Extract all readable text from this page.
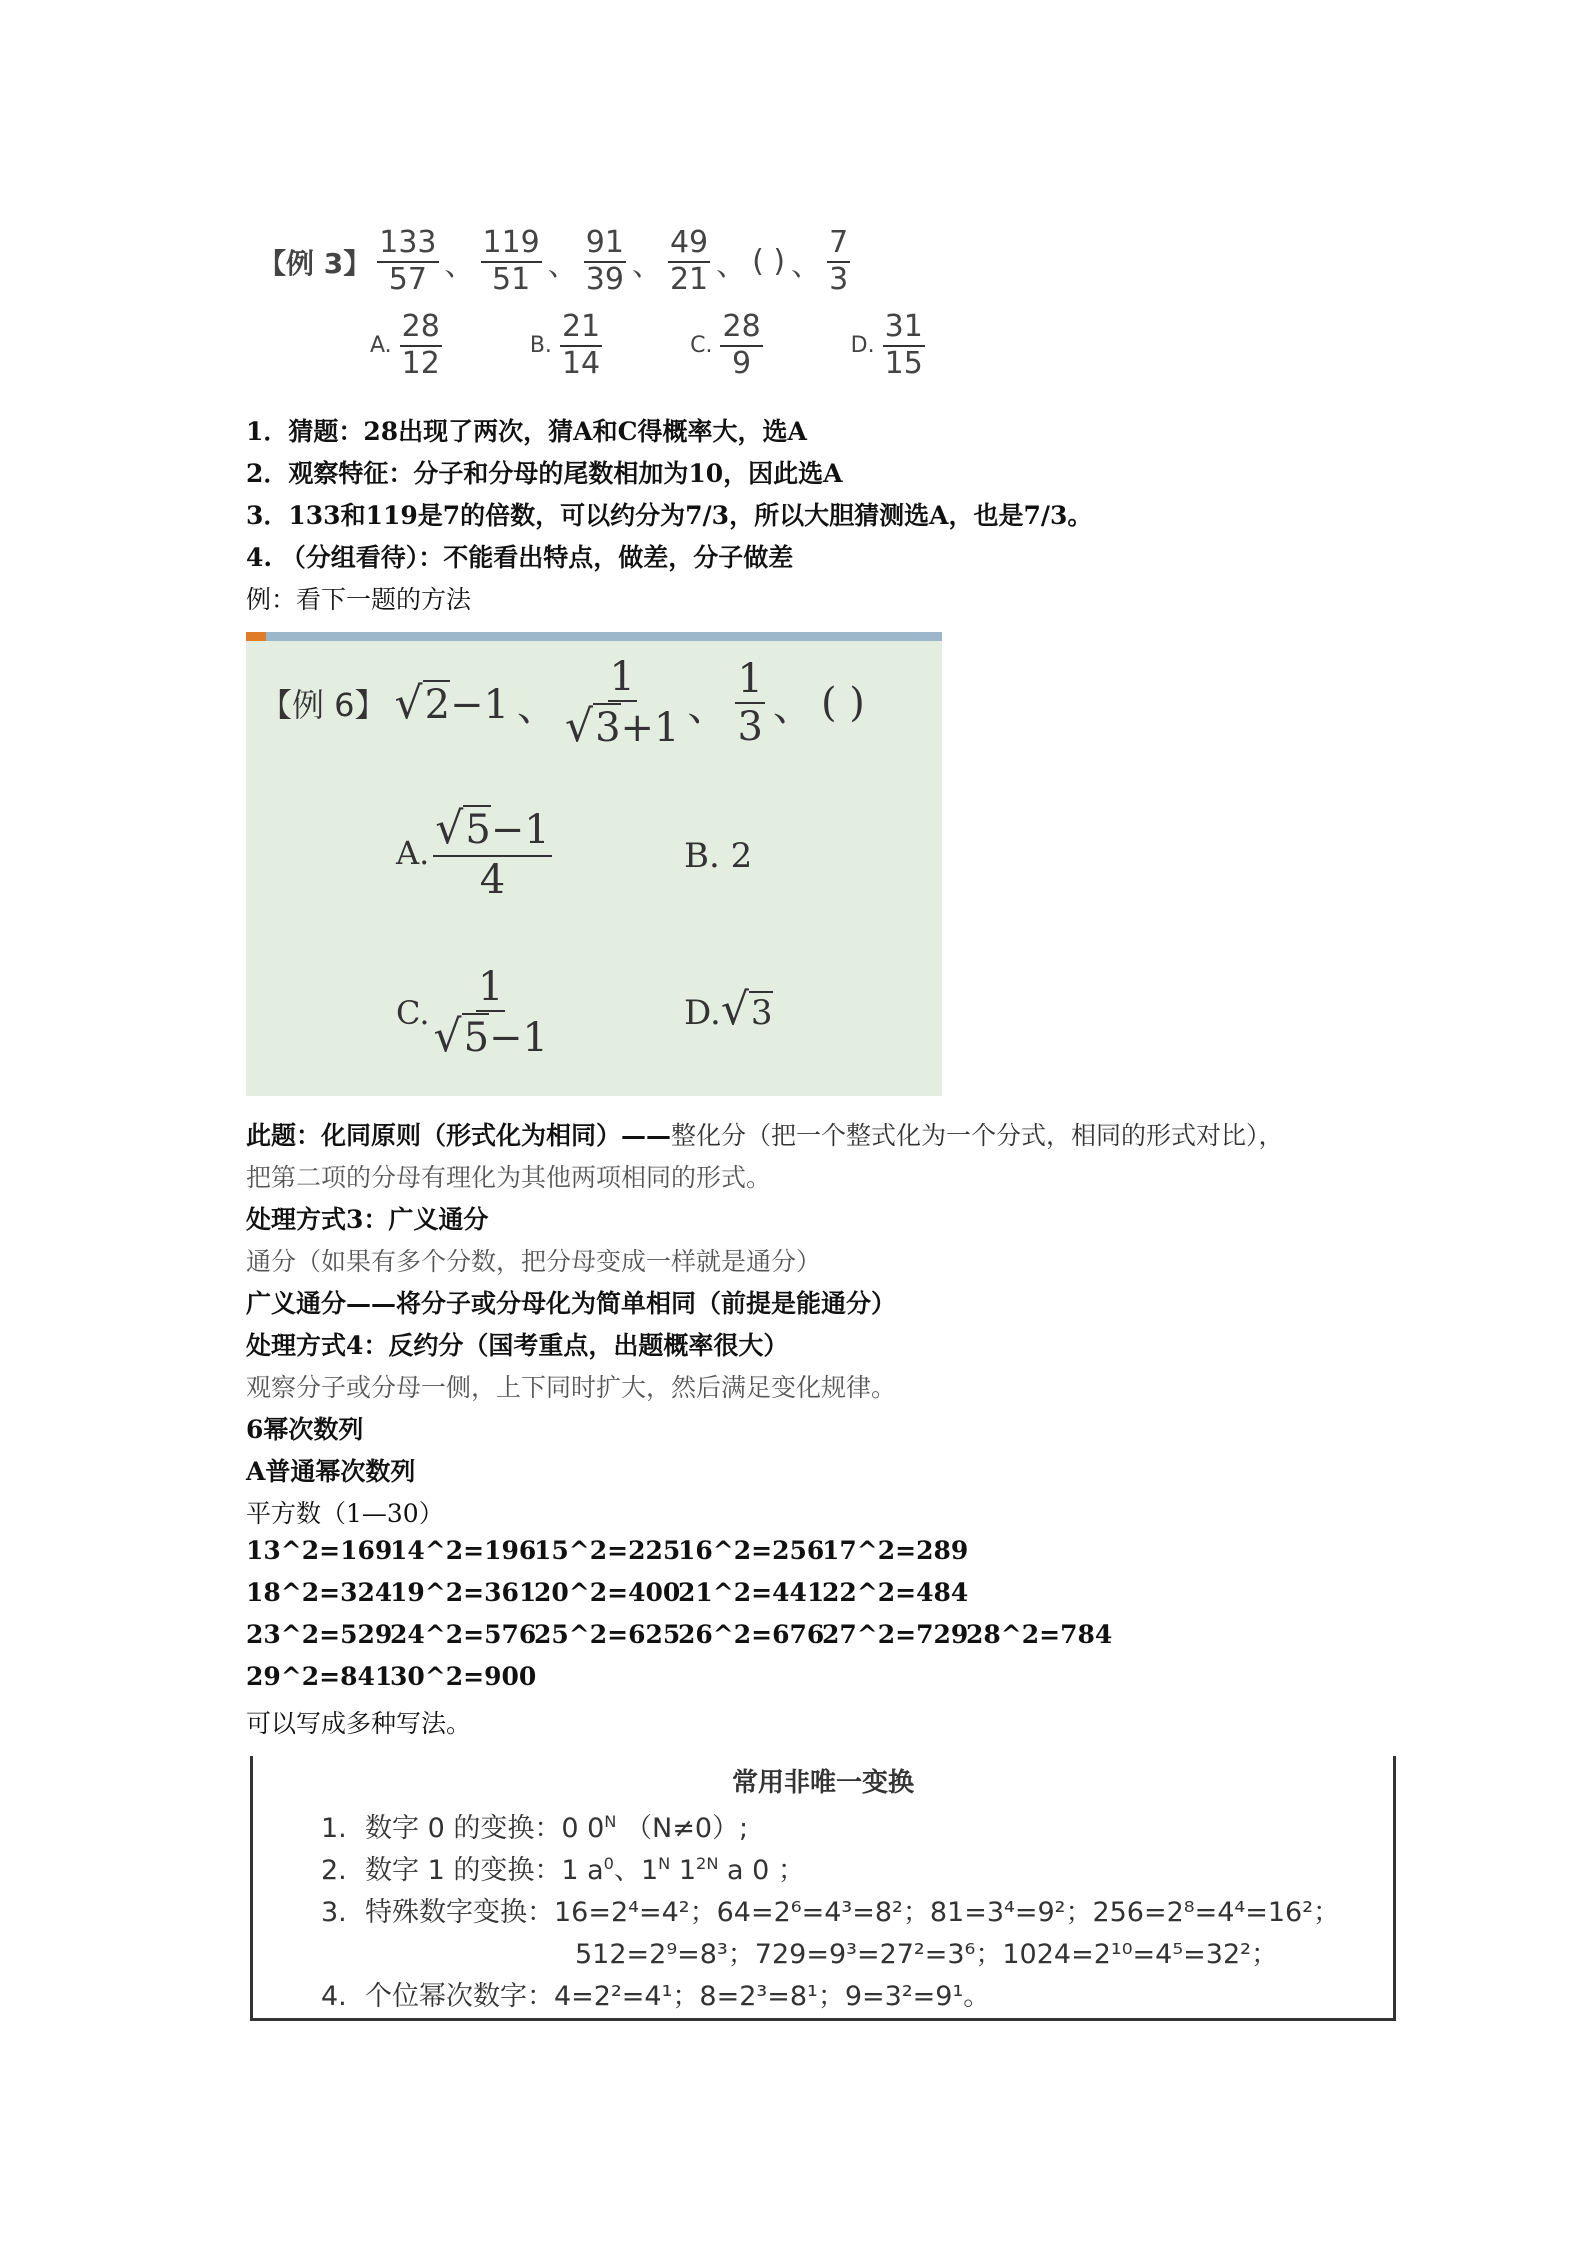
【例 3】 $\frac{133}{57}$ 、 $\frac{119}{51}$ 、 $\frac{91}{39}$ 、 $\frac{49}{21}$ 、 ( ) 、 $\frac{7}{3}$
A. $\frac{28}{12}$	B. $\frac{21}{14}$	C. $\frac{28}{9}$	D. $\frac{31}{15}$
1．猜题：28出现了两次，猜A和C得概率大，选A
2．观察特征：分子和分母的尾数相加为10，因此选A
3．133和119是7的倍数，可以约分为7/3，所以大胆猜测选A，也是7/3。
4. （分组看待）：不能看出特点，做差，分子做差
例：看下一题的方法
【例 6】 √2−1 、 $\frac{1}{√3+1}$ 、 $\frac{1}{3}$ 、 ( )
A. $\frac{√5-1}{4}$	B. 2
C. $\frac{1}{√5-1}$	D.√3
此题：化同原则（形式化为相同）——整化分（把一个整式化为一个分式，相同的形式对比），
把第二项的分母有理化为其他两项相同的形式。
处理方式3：广义通分
通分（如果有多个分数，把分母变成一样就是通分）
广义通分——将分子或分母化为简单相同（前提是能通分）
处理方式4：反约分（国考重点，出题概率很大）
观察分子或分母一侧，上下同时扩大，然后满足变化规律。
6幂次数列
A普通幂次数列
平方数（1—30）
13^2=16914^2=19615^2=22516^2=25617^2=289
18^2=32419^2=36120^2=40021^2=44122^2=484
23^2=52924^2=57625^2=62526^2=67627^2=72928^2=784
29^2=84130^2=900
可以写成多种写法。
常用非唯一变换
1. 数字 0 的变换：0 $0^N$ （N≠0）;
2. 数字 1 的变换：1 $a^0$、$1^N$ $1^{2N}$ a 0 ；
3. 特殊数字变换：16=2⁴=4²；64=2⁶=4³=8²；81=3⁴=9²；256=2⁸=4⁴=16²；
512=2⁹=8³；729=9³=27²=3⁶；1024=2¹⁰=4⁵=32²；
4. 个位幂次数字：4=2²=4¹；8=2³=8¹；9=3²=9¹。
